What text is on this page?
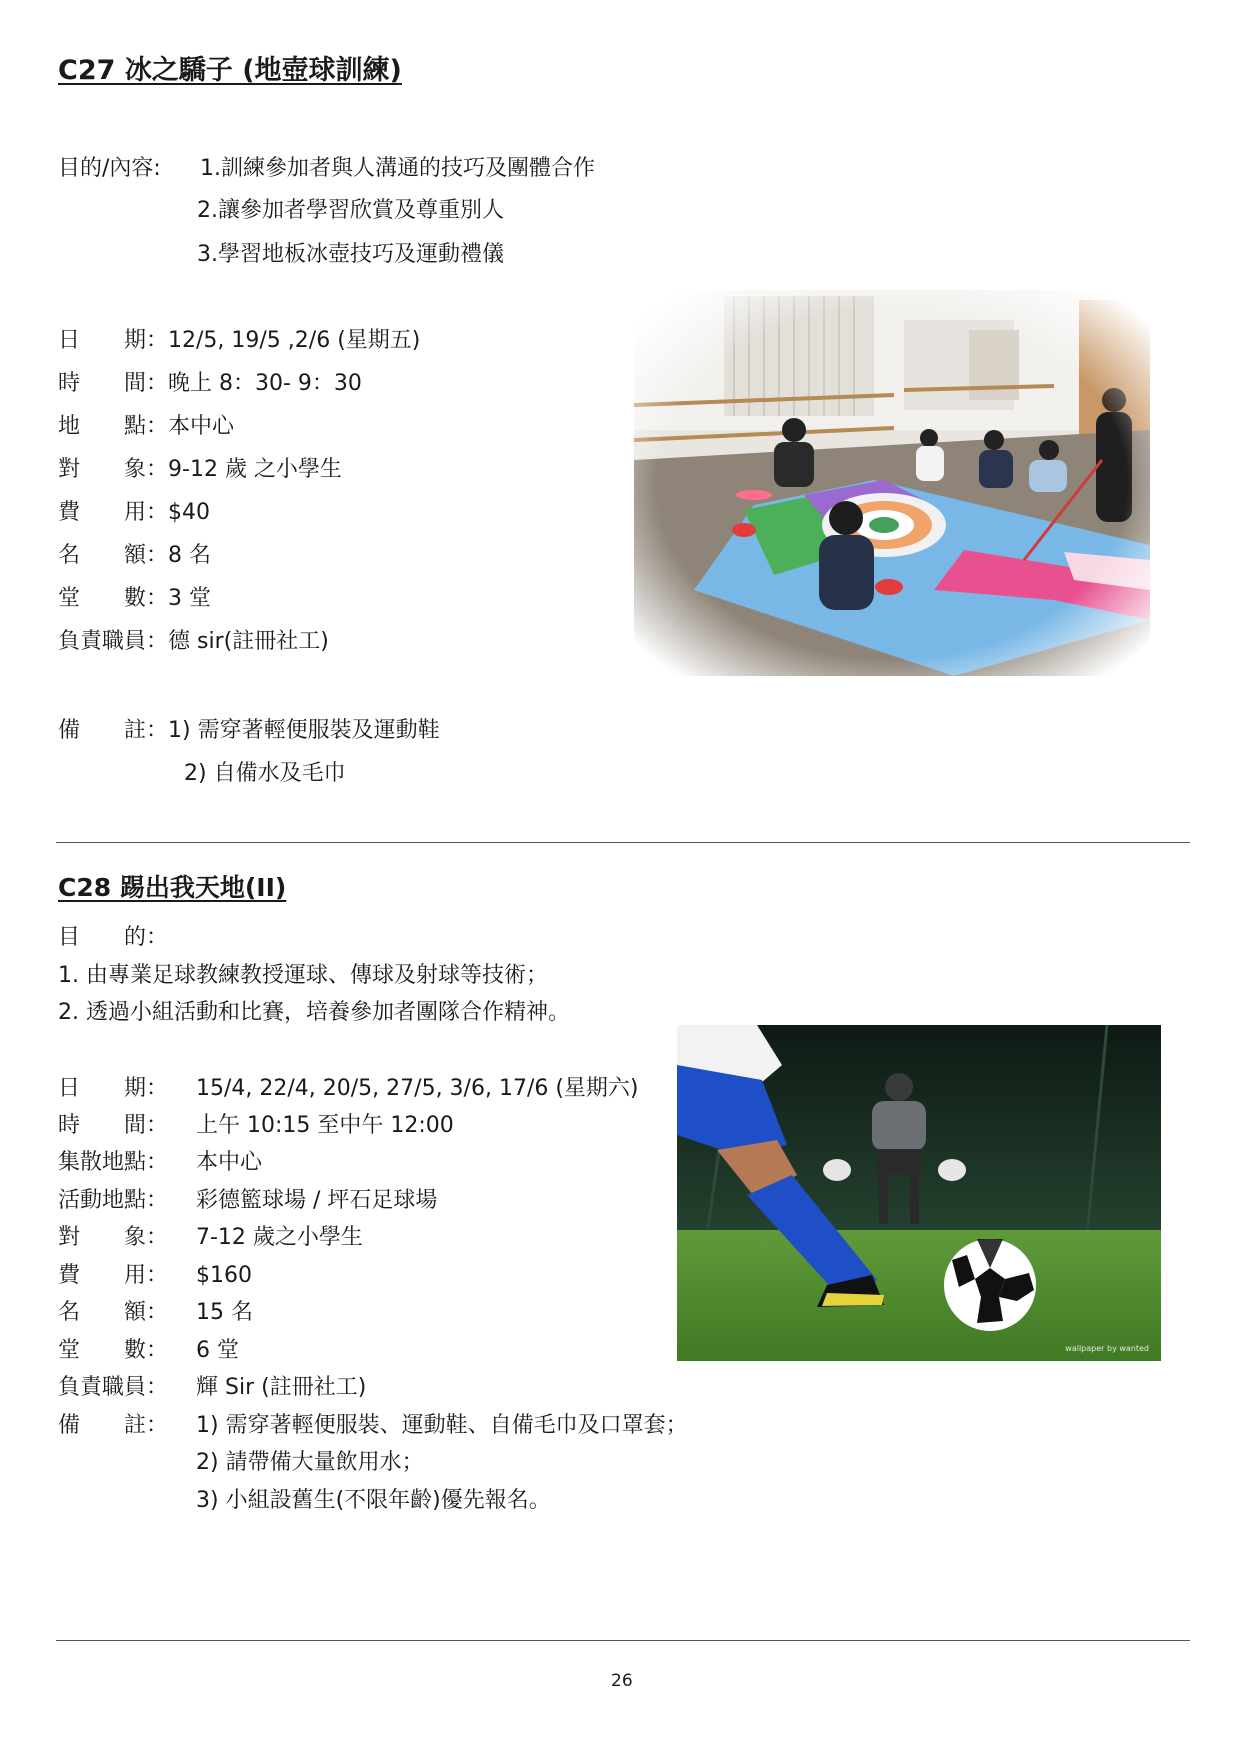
C27 冰之驕子 (地壺球訓練)
目的/內容: 1.訓練參加者與人溝通的技巧及團體合作
2.讓參加者學習欣賞及尊重別人
3.學習地板冰壺技巧及運動禮儀
日　　期：12/5, 19/5 ,2/6 (星期五)
時　　間：晚上 8：30- 9：30
地　　點：本中心
對　　象：9-12 歲 之小學生
費　　用：$40
名　　額：8 名
堂　　數：3 堂
負責職員：德 sir(註冊社工)
備　　註：1) 需穿著輕便服裝及運動鞋
2) 自備水及毛巾
C28 踢出我天地(II)
目　　的：
1. 由專業足球教練教授運球、傳球及射球等技術；
2. 透過小組活動和比賽，培養參加者團隊合作精神。
日　　期： 15/4, 22/4, 20/5, 27/5, 3/6, 17/6 (星期六)
時　　間： 上午 10:15 至中午 12:00
集散地點： 本中心
活動地點： 彩德籃球場 / 坪石足球場
對　　象： 7-12 歲之小學生
費　　用： $160
名　　額： 15 名
堂　　數： 6 堂
負責職員： 輝 Sir (註冊社工)
備　　註： 1) 需穿著輕便服裝、運動鞋、自備毛巾及口罩套；
2) 請帶備大量飲用水；
3) 小組設舊生(不限年齡)優先報名。
wallpaper by wanted
26
